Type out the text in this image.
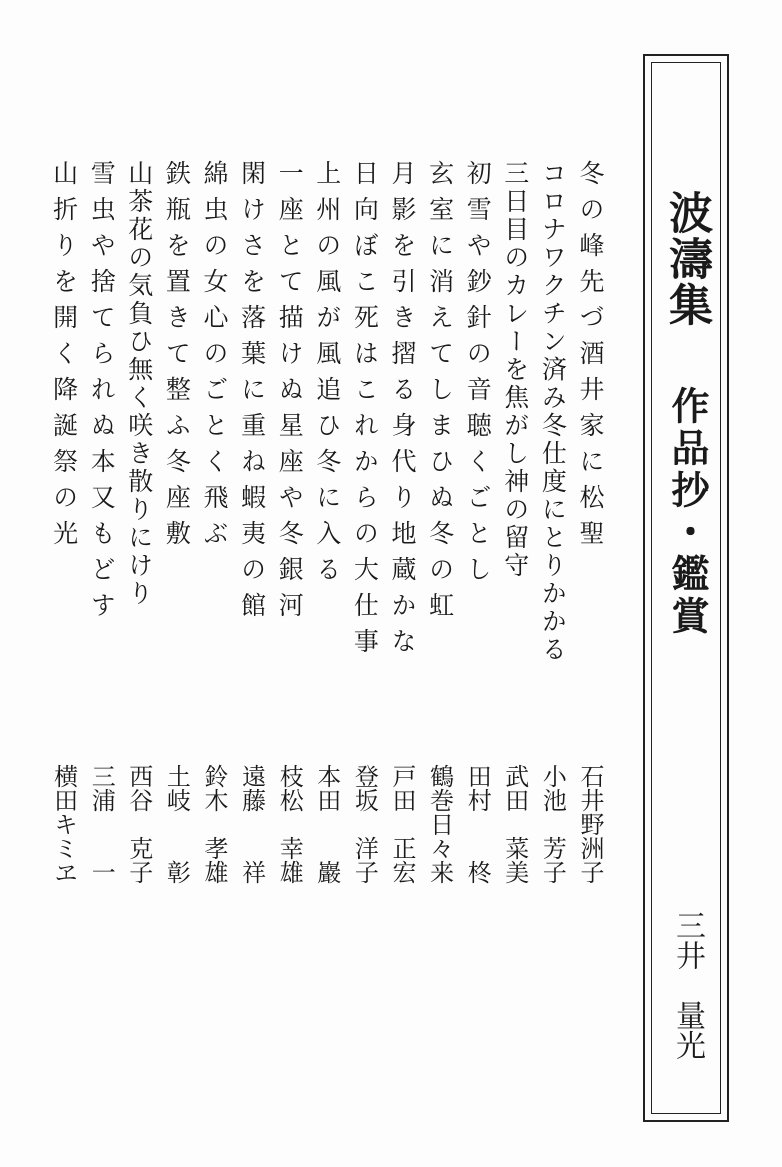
波濤集
作品抄・鑑賞
三井　量光
冬の峰先づ酒井家に松聖
石井野洲子
コロナワクチン済み冬仕度にとりかかる
小池　芳子
三日目のカレーを焦がし神の留守
武田　菜美
初雪や鈔針の音聴くごとし
田村　　柊
玄室に消えてしまひぬ冬の虹
鶴巻日々来
月影を引き摺る身代り地蔵かな
戸田　正宏
日向ぼこ死はこれからの大仕事
登坂　洋子
上州の風が風追ひ冬に入る
本田　　巖
一座とて描けぬ星座や冬銀河
枝松　幸雄
閑けさを落葉に重ね蝦夷の館
遠藤　　祥
綿虫の女心のごとく飛ぶ
鈴木　孝雄
鉄瓶を置きて整ふ冬座敷
土岐　　彰
山茶花の気負ひ無く咲き散りにけり
西谷　克子
雪虫や捨てられぬ本又もどす
三浦　　一
山折りを開く降誕祭の光
横田キミヱ
